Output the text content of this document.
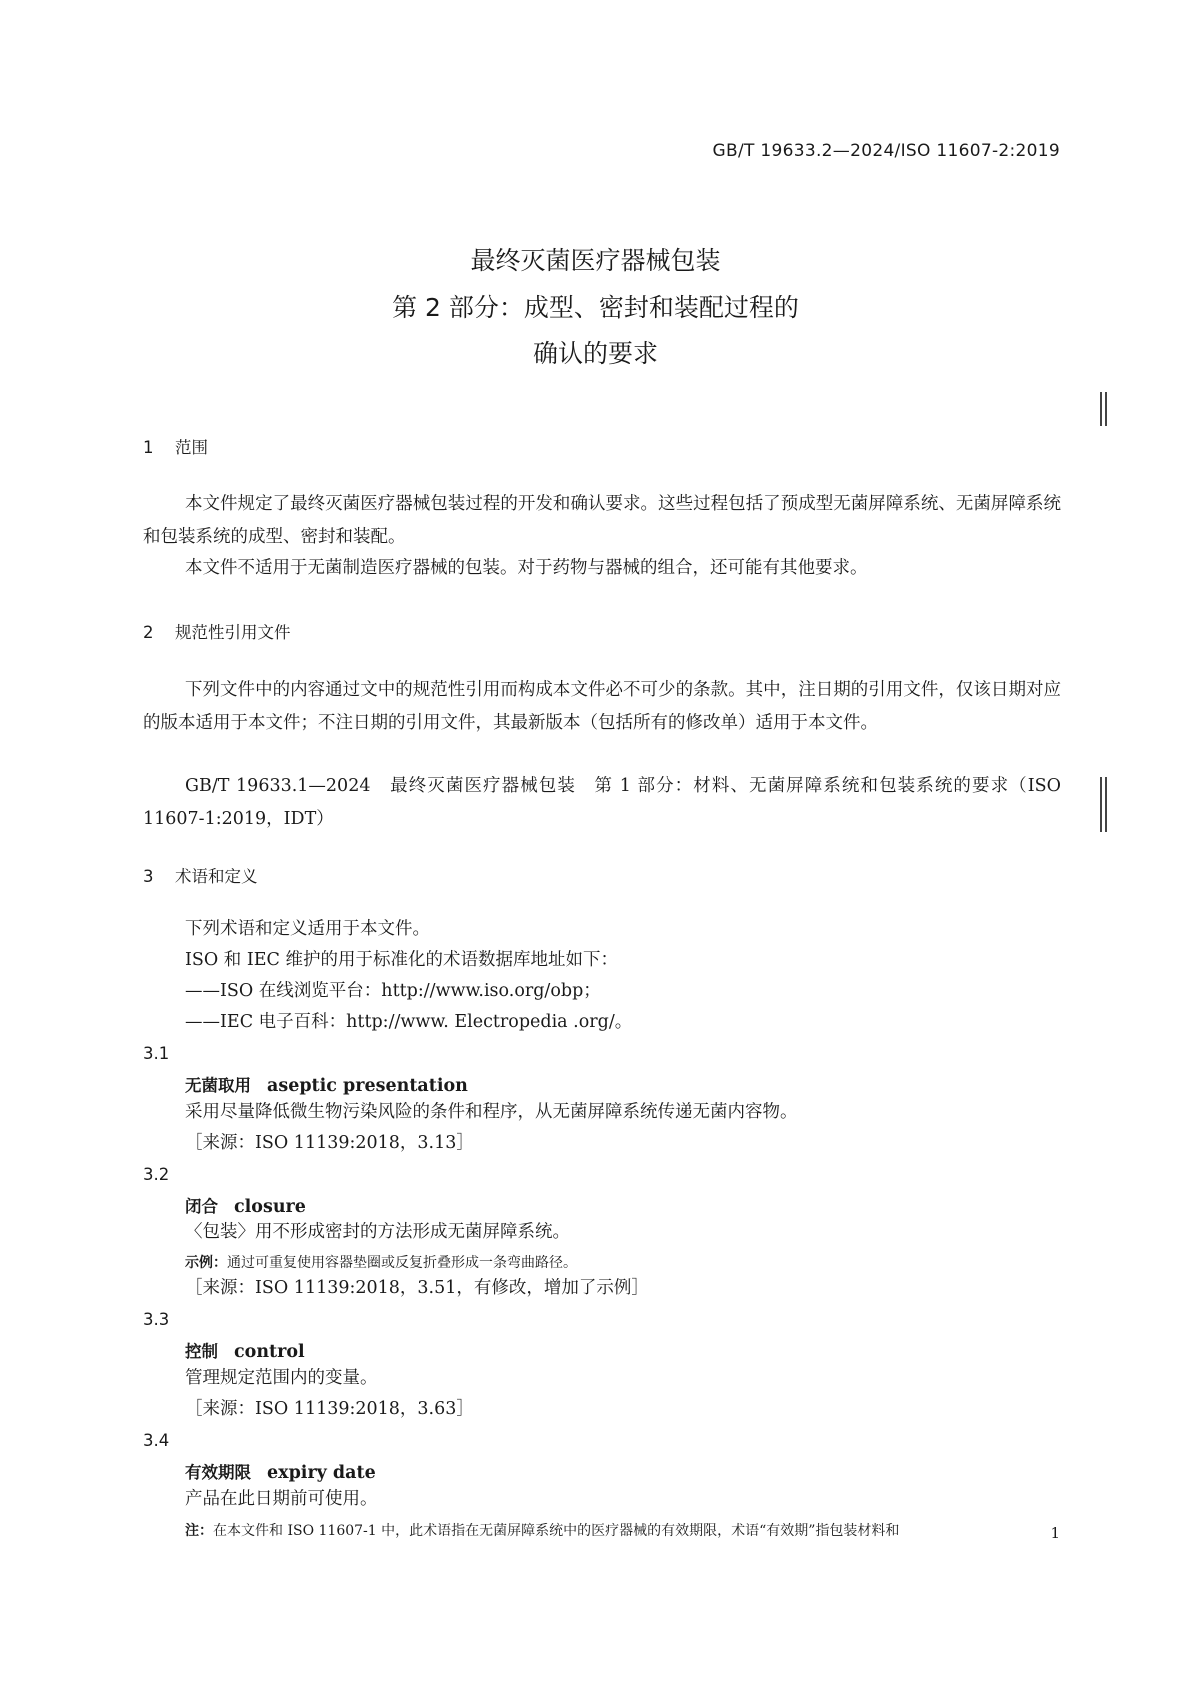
GB/T 19633.2—2024/ISO 11607-2:2019
最终灭菌医疗器械包装
第 2 部分：成型、密封和装配过程的
确认的要求
1 范围
本文件规定了最终灭菌医疗器械包装过程的开发和确认要求。这些过程包括了预成型无菌屏障系统、无菌屏障系统和包装系统的成型、密封和装配。
本文件不适用于无菌制造医疗器械的包装。对于药物与器械的组合，还可能有其他要求。
2 规范性引用文件
下列文件中的内容通过文中的规范性引用而构成本文件必不可少的条款。其中，注日期的引用文件，仅该日期对应的版本适用于本文件；不注日期的引用文件，其最新版本（包括所有的修改单）适用于本文件。
GB/T 19633.1—2024　最终灭菌医疗器械包装　第 1 部分：材料、无菌屏障系统和包装系统的要求（ISO 11607-1:2019，IDT）
3 术语和定义
下列术语和定义适用于本文件。
ISO 和 IEC 维护的用于标准化的术语数据库地址如下：
——ISO 在线浏览平台：http://www.iso.org/obp；
——IEC 电子百科：http://www. Electropedia .org/。
3.1
无菌取用 aseptic presentation
采用尽量降低微生物污染风险的条件和程序，从无菌屏障系统传递无菌内容物。
［来源：ISO 11139:2018，3.13］
3.2
闭合 closure
〈包装〉用不形成密封的方法形成无菌屏障系统。
示例：通过可重复使用容器垫圈或反复折叠形成一条弯曲路径。
［来源：ISO 11139:2018，3.51，有修改，增加了示例］
3.3
控制 control
管理规定范围内的变量。
［来源：ISO 11139:2018，3.63］
3.4
有效期限 expiry date
产品在此日期前可使用。
注：在本文件和 ISO 11607-1 中，此术语指在无菌屏障系统中的医疗器械的有效期限，术语“有效期”指包装材料和	1
